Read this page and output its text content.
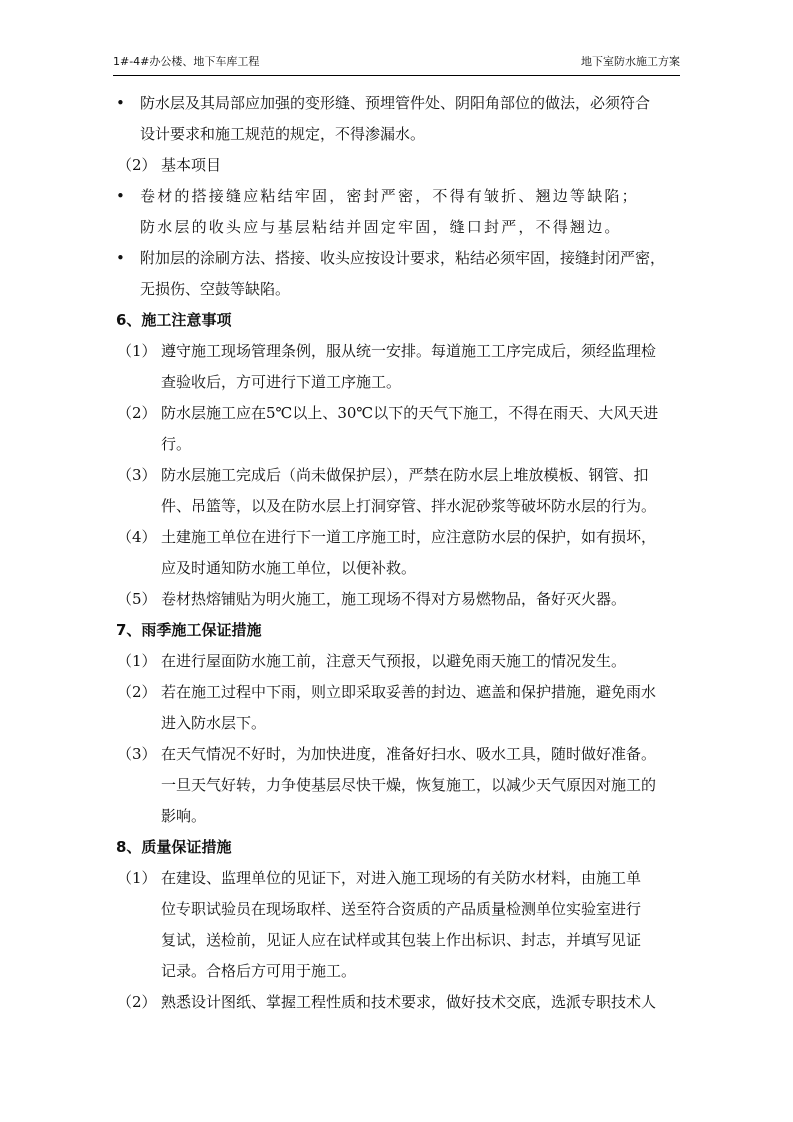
1#-4#办公楼、地下车库工程	地下室防水施工方案
• 防水层及其局部应加强的变形缝、预埋管件处、阴阳角部位的做法，必须符合
设计要求和施工规范的规定，不得渗漏水。
（2） 基本项目
• 卷材的搭接缝应粘结牢固，密封严密，不得有皱折、翘边等缺陷；
防水层的收头应与基层粘结并固定牢固，缝口封严，不得翘边。
• 附加层的涂刷方法、搭接、收头应按设计要求，粘结必须牢固，接缝封闭严密，
无损伤、空鼓等缺陷。
6、施工注意事项
（1） 遵守施工现场管理条例，服从统一安排。每道施工工序完成后，须经监理检
查验收后，方可进行下道工序施工。
（2） 防水层施工应在5℃以上、30℃以下的天气下施工，不得在雨天、大风天进
行。
（3） 防水层施工完成后（尚未做保护层），严禁在防水层上堆放模板、钢管、扣
件、吊篮等，以及在防水层上打洞穿管、拌水泥砂浆等破坏防水层的行为。
（4） 土建施工单位在进行下一道工序施工时，应注意防水层的保护，如有损坏，
应及时通知防水施工单位，以便补救。
（5） 卷材热熔铺贴为明火施工，施工现场不得对方易燃物品，备好灭火器。
7、雨季施工保证措施
（1） 在进行屋面防水施工前，注意天气预报，以避免雨天施工的情况发生。
（2） 若在施工过程中下雨，则立即采取妥善的封边、遮盖和保护措施，避免雨水
进入防水层下。
（3） 在天气情况不好时，为加快进度，准备好扫水、吸水工具，随时做好准备。
一旦天气好转，力争使基层尽快干燥，恢复施工，以减少天气原因对施工的
影响。
8、质量保证措施
（1） 在建设、监理单位的见证下，对进入施工现场的有关防水材料，由施工单
位专职试验员在现场取样、送至符合资质的产品质量检测单位实验室进行
复试，送检前，见证人应在试样或其包装上作出标识、封志，并填写见证
记录。合格后方可用于施工。
（2） 熟悉设计图纸、掌握工程性质和技术要求，做好技术交底，选派专职技术人
